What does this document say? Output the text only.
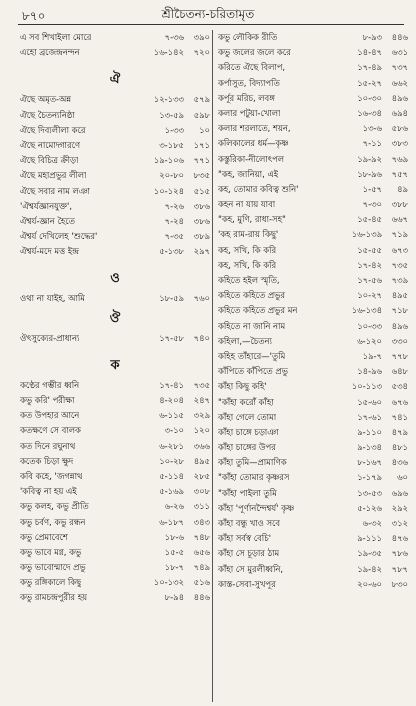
৮৭০	শ্রীচৈতন্য-চরিতামৃত
এ সব শিখাইলা মোরে	৭-৩৬	৩৯০
এহো ব্রজেন্দ্রনন্দন	১৬-১৪২	৭২০
ঐ
ঐছে অমৃত-অন্ন	১২-১৩৩	৫৭৯
ঐছে চৈতন্যনিষ্ঠা	১৩-৫৯	৫৯৮
ঐছে দিব্যলীলা করে	১-৩৩	১০
ঐছে নামোদ্গারণে	৩-১৮৫	১৭১
ঐছে বিচিত্র ক্রীড়া	১৯-১০৬	৭৭১
ঐছে মহাপ্রভুর লীলা	২০-৮০	৮৩৫
ঐছে সবার নাম লঞা	১০-১২৪	৫১৫
'ঐশ্বর্যজ্ঞানযুক্ত',	৭-২৬	৩৮৬
ঐশ্বর্য-জ্ঞান হৈতে	৭-২৪	৩৮৬
ঐশ্বর্য দেখিলেহ 'শুদ্ধের'	৭-৩৫	৩৮৯
ঐশ্বর্য-মদে মত্ত ইন্দ্র	৫-১৩৮	২৯৭
ও
ওথা না যাইহ, আমি	১৮-৫৯	৭৬০
ঔ
ঔৎসুক্যের-প্রাধান্য	১৭-৫৮	৭৪০
ক
কণ্ঠের গম্ভীর ধ্বনি	১৭-৪১	৭৩৫
কভু করি' পরীক্ষা	৪-২০৪	২৪৭
কত উপহার আনে	৬-১১৫	৩২৯
কতক্ষণে সে বালক	৩-১০	১২০
কত দিনে রঘুনাথ	৬-২৮১	৩৬৬
কতেক চিড়া ক্ষুদ	১০-২৮	৪৯৫
কবি কহে, 'জগন্নাথ	৫-১১৪	২৮৫
'কবিত্ব না হয় এই	৫-১৬৯	৩০৮
কভু কলহ, কভু প্রীতি	৬-২৬	৩১১
কভু চর্বণ, কভু রন্ধন	৬-১৮৭	৩৪৩
কভু প্রেমাবেশে	১৮-৬	৭৪৮
কভু ভাবে মগ্ন, কভু	১৫-৫	৬৫৬
কভু ভাবোন্মাদে প্রভু	১৮-৭	৭৪৯
কভু রঙ্গিকালে কিছু	১০-১৩২	৫১৬
কভু রামচন্দ্রপুরীর হয়	৮-৯৪	৪৪৬
কভু লৌকিক রীতি	৮-৯৩	৪৪৬
কভু জলের জলে করে	১৪-৪৭	৬৩১
করিতে ঐছে বিলাপ,	১৭-৪৯	৭৩৭
কর্পাসুত, বিদ্যাপতি	১৫-২৭	৬৬২
কর্পূর মরিচ, লবঙ্গ	১০-৩০	৪৯৬
কলার পটুয়া-খোলা	১৬-৩৪	৬৯৪
কলার শরলাতে, শয়ন,	১৩-৬	৫৮৬
কলিকালের ধর্ম—কৃষ্ণ	৭-১১	৩৮৩
কস্তুরিকা-নীলোৎপল	১৯-৯২	৭৬৯
"কহ, জানিয়া, এই	১৮-৯৬	৭৫৭
কহ, তোমার কবিত্ব শুনি'	১-৫৭	৪৯
কহন না যায় যাবা	৭-৩০	৩৮৮
"কহ, মুণি, রাধা-সহ"	১৫-৪৫	৬৬৭
'কহ রাম-রায় কিছু'	১৬-১৩৯	৭১৯
কহ, সখি, কি করি	১৫-৫৫	৬৭৩
কহ, সখি, কি করি	১৭-৪২	৭৩৫
কহিতে হইল স্মৃতি,	১৭-৫৬	৭৩৯
কহিতে কহিতে প্রভুর	১০-২৭	৪৯৫
কহিতে কহিতে প্রভুর মন	১৬-১৩৪	৭১৮
কহিতে না জানি নাম	১০-৩৩	৪৯৬
কহিলা,—চৈতন্য	৬-১২০	৩৩০
কহিহ তাঁহারে—'তুমি	১৯-৭	৭৭৮
কাঁপিতে কাঁপিতে প্রভু	১৪-৯৬	৬৪৮
কাঁহা কিছু কহি'	১০-১১৩	৫৩৪
"কাঁহা করোঁ কাঁহা	১৫-৬০	৬৭৬
কাঁহা গেলে তোমা	১৭-৬১	৭৪১
কাঁহা চাঙ্গে চড়াঞা	৯-১১০	৪৭৯
কাঁহা চাঙ্গের উপর	৯-১৩৪	৪৮১
কাঁহা তুমি—প্রামাণিক	৮-১৬৭	৪৩৬
"কাঁহা তোমার কৃষ্ণরস	১-১৭৯	৬০
"কাঁহা পাইলা তুমি	১৩-৫৩	৬৯৬
কাঁহা 'পূর্ণানন্দৈশ্বর্য' কৃষ্ণ	৫-১২৬	২৯২
কাঁহা বন্ধু খাও সবে	৬-৩২	৩১২
কাঁহা সর্বস্ব বেচি'	৯-১১১	৪৭৬
কাঁহা সে চূড়ার ঠাম	১৯-৩৫	৭৮৬
কাঁহা সে মুরলীধ্বনি,	১৯-৪২	৭৮৭
কাস্ত-সেবা-সুখপূর	২০-৬০	৮৩০
